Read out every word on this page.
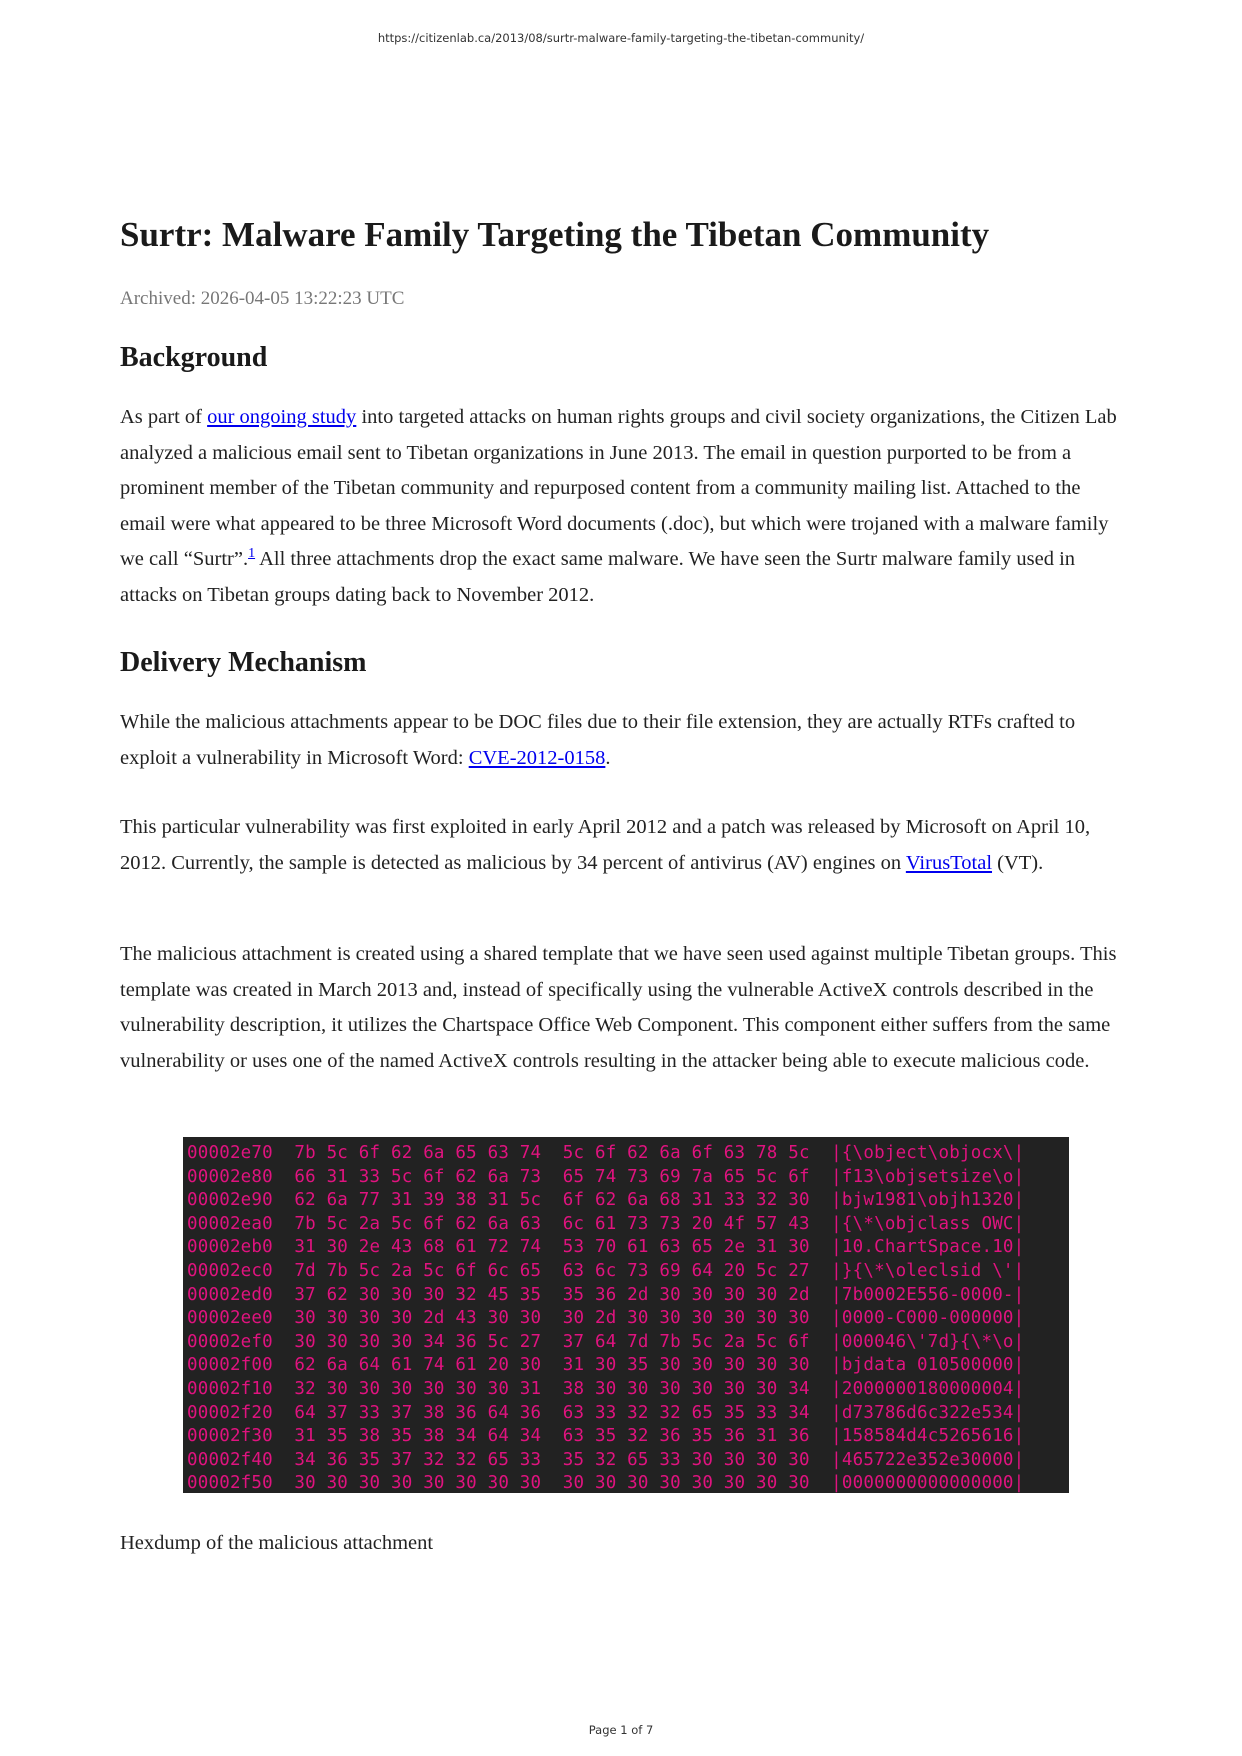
https://citizenlab.ca/2013/08/surtr-malware-family-targeting-the-tibetan-community/
Surtr: Malware Family Targeting the Tibetan Community
Archived: 2026-04-05 13:22:23 UTC
Background

As part of our ongoing study into targeted attacks on human rights groups and civil society organizations, the Citizen Lab analyzed a malicious email sent to Tibetan organizations in June 2013. The email in question purported to be from a prominent member of the Tibetan community and repurposed content from a community mailing list. Attached to the email were what appeared to be three Microsoft Word documents (.doc), but which were trojaned with a malware family we call “Surtr”.$^1$ All three attachments drop the exact same malware. We have seen the Surtr malware family used in attacks on Tibetan groups dating back to November 2012.

Delivery Mechanism

While the malicious attachments appear to be DOC files due to their file extension, they are actually RTFs crafted to exploit a vulnerability in Microsoft Word: CVE-2012-0158.

This particular vulnerability was first exploited in early April 2012 and a patch was released by Microsoft on April 10, 2012. Currently, the sample is detected as malicious by 34 percent of antivirus (AV) engines on VirusTotal (VT).

The malicious attachment is created using a shared template that we have seen used against multiple Tibetan groups. This template was created in March 2013 and, instead of specifically using the vulnerable ActiveX controls described in the vulnerability description, it utilizes the Chartspace Office Web Component. This component either suffers from the same vulnerability or uses one of the named ActiveX controls resulting in the attacker being able to execute malicious code.

Hexdump of the malicious attachment
00002e70  7b 5c 6f 62 6a 65 63 74  5c 6f 62 6a 6f 63 78 5c  |{\object\objocx\|
00002e80  66 31 33 5c 6f 62 6a 73  65 74 73 69 7a 65 5c 6f  |f13\objsetsize\o|
00002e90  62 6a 77 31 39 38 31 5c  6f 62 6a 68 31 33 32 30  |bjw1981\objh1320|
00002ea0  7b 5c 2a 5c 6f 62 6a 63  6c 61 73 73 20 4f 57 43  |{\*\objclass OWC|
00002eb0  31 30 2e 43 68 61 72 74  53 70 61 63 65 2e 31 30  |10.ChartSpace.10|
00002ec0  7d 7b 5c 2a 5c 6f 6c 65  63 6c 73 69 64 20 5c 27  |}{\*\oleclsid \'|
00002ed0  37 62 30 30 30 32 45 35  35 36 2d 30 30 30 30 2d  |7b0002E556-0000-|
00002ee0  30 30 30 30 2d 43 30 30  30 2d 30 30 30 30 30 30  |0000-C000-000000|
00002ef0  30 30 30 30 34 36 5c 27  37 64 7d 7b 5c 2a 5c 6f  |000046\'7d}{\*\o|
00002f00  62 6a 64 61 74 61 20 30  31 30 35 30 30 30 30 30  |bjdata 010500000|
00002f10  32 30 30 30 30 30 30 31  38 30 30 30 30 30 30 34  |2000000180000004|
00002f20  64 37 33 37 38 36 64 36  63 33 32 32 65 35 33 34  |d73786d6c322e534|
00002f30  31 35 38 35 38 34 64 34  63 35 32 36 35 36 31 36  |158584d4c5265616|
00002f40  34 36 35 37 32 32 65 33  35 32 65 33 30 30 30 30  |465722e352e30000|
00002f50  30 30 30 30 30 30 30 30  30 30 30 30 30 30 30 30  |0000000000000000|
Page 1 of 7
